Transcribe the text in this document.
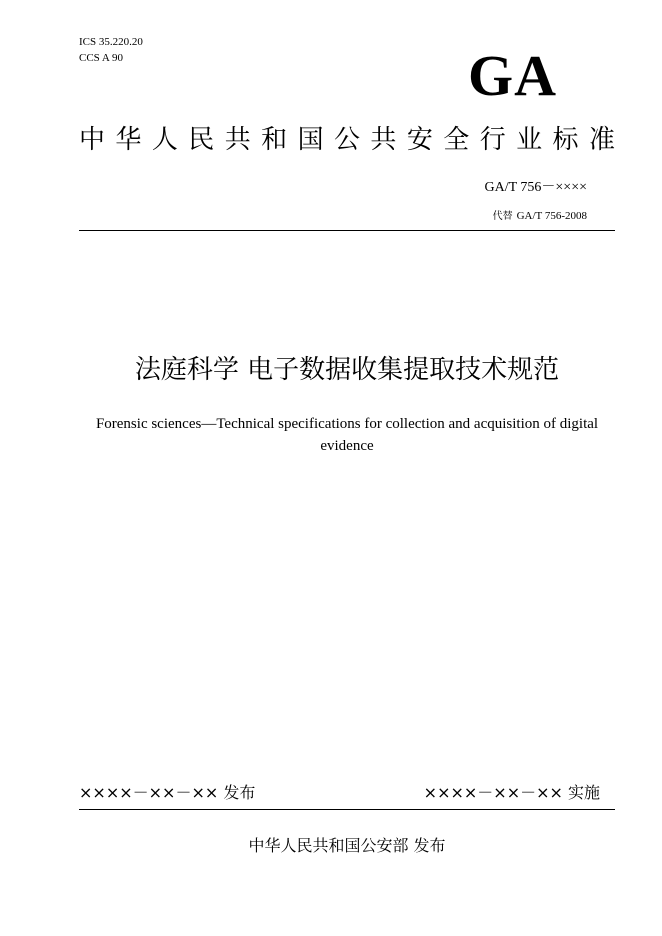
ICS 35.220.20
CCS A 90	GA
中华人民共和国公共安全行业标准
GA/T 756－××××
代替 GA/T 756-2008
法庭科学 电子数据收集提取技术规范
Forensic sciences—Technical specifications for collection and acquisition of digital evidence
××××－××－×× 发布	××××－××－×× 实施
中华人民共和国公安部 发布
